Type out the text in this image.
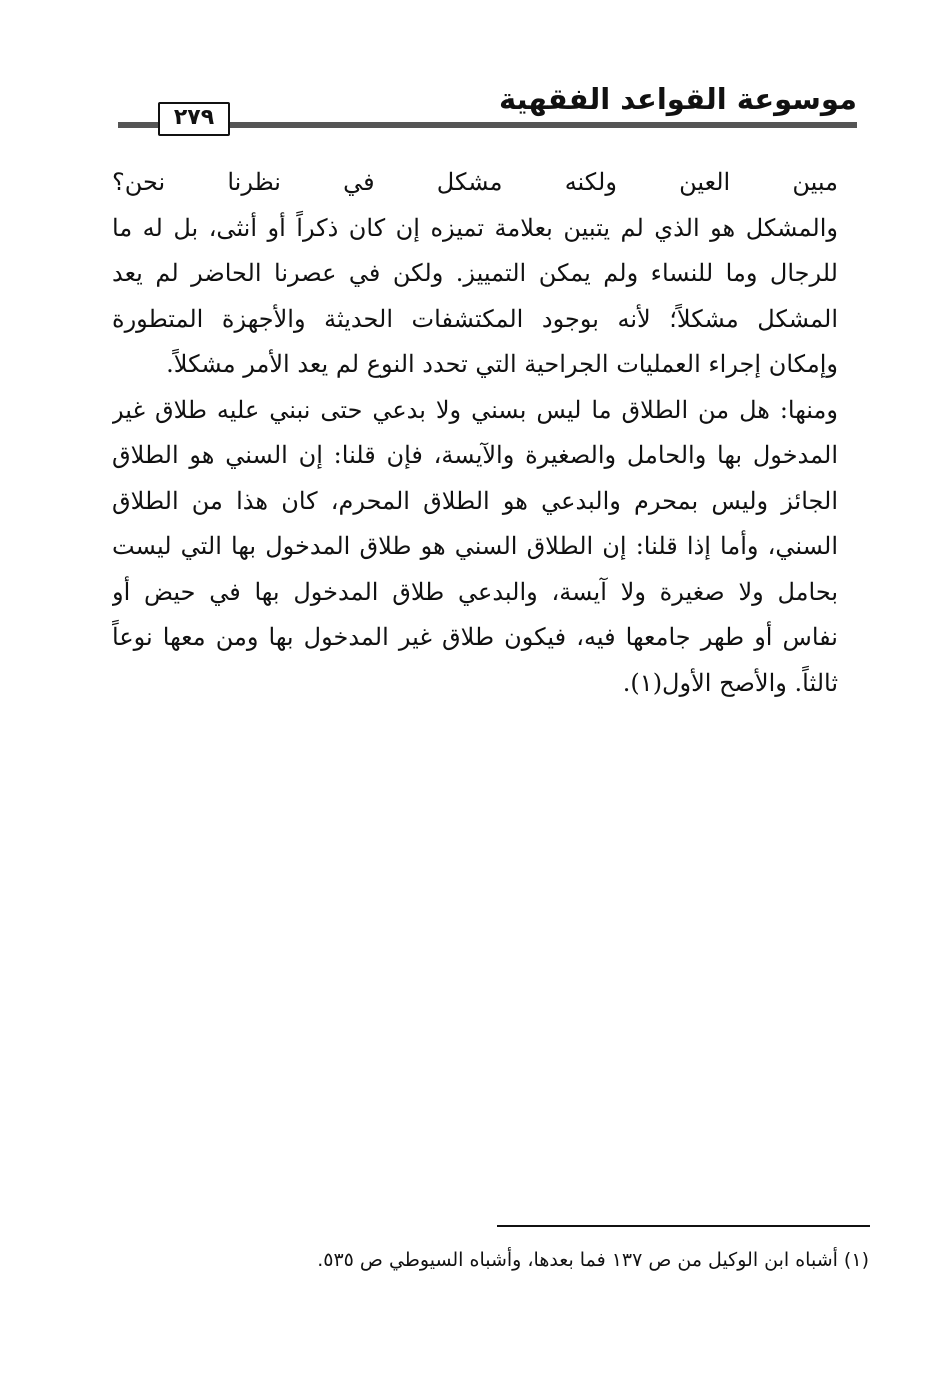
موسوعة القواعد الفقهية
٢٧٩
مبين العين ولكنه مشكل في نظرنا نحن؟
والمشكل هو الذي لم يتبين بعلامة تميزه إن كان ذكراً أو أنثى، بل له ما
للرجال وما للنساء ولم يمكن التمييز. ولكن في عصرنا الحاضر لم يعد
المشكل مشكلاً؛ لأنه بوجود المكتشفات الحديثة والأجهزة المتطورة
وإمكان إجراء العمليات الجراحية التي تحدد النوع لم يعد الأمر مشكلاً.
ومنها: هل من الطلاق ما ليس بسني ولا بدعي حتى نبني عليه طلاق غير
المدخول بها والحامل والصغيرة والآيسة، فإن قلنا: إن السني هو الطلاق
الجائز وليس بمحرم والبدعي هو الطلاق المحرم، كان هذا من الطلاق
السني، وأما إذا قلنا: إن الطلاق السني هو طلاق المدخول بها التي ليست
بحامل ولا صغيرة ولا آيسة، والبدعي طلاق المدخول بها في حيض أو
نفاس أو طهر جامعها فيه، فيكون طلاق غير المدخول بها ومن معها نوعاً
ثالثاً. والأصح الأول(١).
(١) أشباه ابن الوكيل من ص ١٣٧ فما بعدها، وأشباه السيوطي ص ٥٣٥.
